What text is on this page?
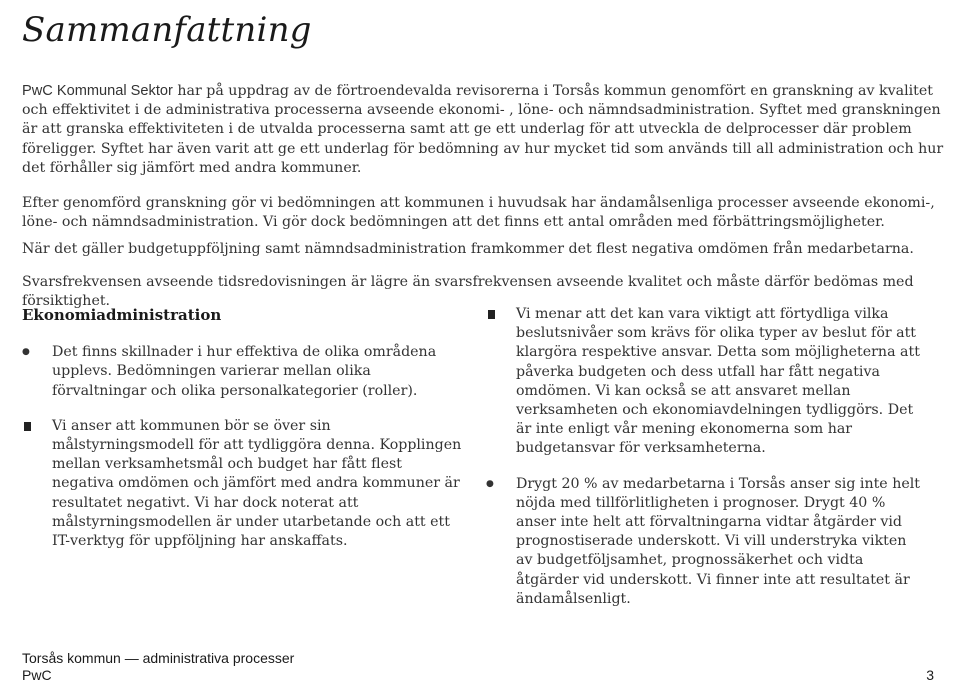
Sammanfattning
PwC Kommunal Sektor har på uppdrag av de förtroendevalda revisorerna i Torsås kommun genomfört en granskning av kvalitet och effektivitet i de administrativa processerna avseende ekonomi- , löne- och nämndsadministration. Syftet med granskningen är att granska effektiviteten i de utvalda processerna samt att ge ett underlag för att utveckla de delprocesser där problem föreligger. Syftet har även varit att ge ett underlag för bedömning av hur mycket tid som används till all administration och hur det förhåller sig jämfört med andra kommuner.
Efter genomförd granskning gör vi bedömningen att kommunen i huvudsak har ändamålsenliga processer avseende ekonomi-, löne- och nämndsadministration. Vi gör dock bedömningen att det finns ett antal områden med förbättringsmöjligheter.
När det gäller budgetuppföljning samt nämndsadministration framkommer det flest negativa omdömen från medarbetarna.
Svarsfrekvensen avseende tidsredovisningen är lägre än svarsfrekvensen avseende kvalitet och måste därför bedömas med försiktighet.
Ekonomiadministration
●	Det finns skillnader i hur effektiva de olika områdena upplevs. Bedömningen varierar mellan olika förvaltningar och olika personalkategorier (roller).
Vi anser att kommunen bör se över sin målstyrningsmodell för att tydliggöra denna. Kopplingen mellan verksamhetsmål och budget har fått flest negativa omdömen och jämfört med andra kommuner är resultatet negativt. Vi har dock noterat att målstyrningsmodellen är under utarbetande och att ett IT-verktyg för uppföljning har anskaffats.
Vi menar att det kan vara viktigt att förtydliga vilka beslutsnivåer som krävs för olika typer av beslut för att klargöra respektive ansvar. Detta som möjligheterna att påverka budgeten och dess utfall har fått negativa omdömen. Vi kan också se att ansvaret mellan verksamheten och ekonomiavdelningen tydliggörs. Det är inte enligt vår mening ekonomerna som har budgetansvar för verksamheterna.
●	Drygt 20 % av medarbetarna i Torsås anser sig inte helt nöjda med tillförlitligheten i prognoser. Drygt 40 % anser inte helt att förvaltningarna vidtar åtgärder vid prognostiserade underskott. Vi vill understryka vikten av budgetföljsamhet, prognossäkerhet och vidta åtgärder vid underskott. Vi finner inte att resultatet är ändamålsenligt.
Torsås kommun — administrativa processer
PwC	3
